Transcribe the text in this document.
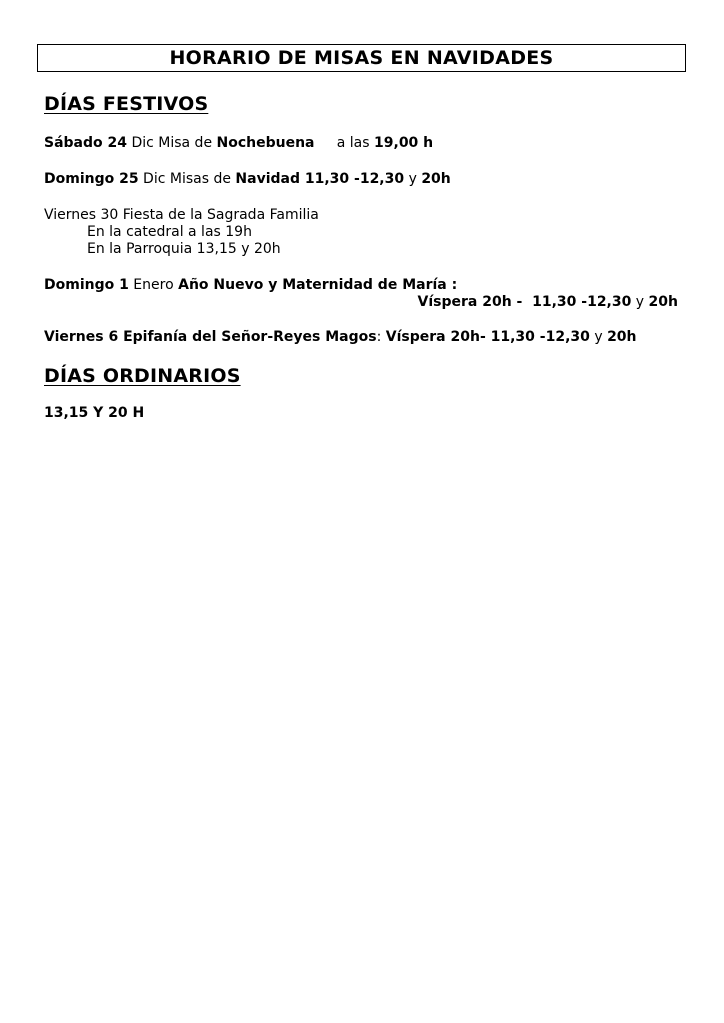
HORARIO DE MISAS EN NAVIDADES
DÍAS FESTIVOS
Sábado 24 Dic Misa de Nochebuena     a las 19,00 h
Domingo 25 Dic Misas de Navidad 11,30 -12,30 y 20h
Viernes 30 Fiesta de la Sagrada Familia
En la catedral a las 19h
En la Parroquia 13,15 y 20h
Domingo 1 Enero Año Nuevo y Maternidad de María :
Víspera 20h -  11,30 -12,30 y 20h
Viernes 6 Epifanía del Señor-Reyes Magos: Víspera 20h- 11,30 -12,30 y 20h
DÍAS ORDINARIOS
13,15 Y 20 H
